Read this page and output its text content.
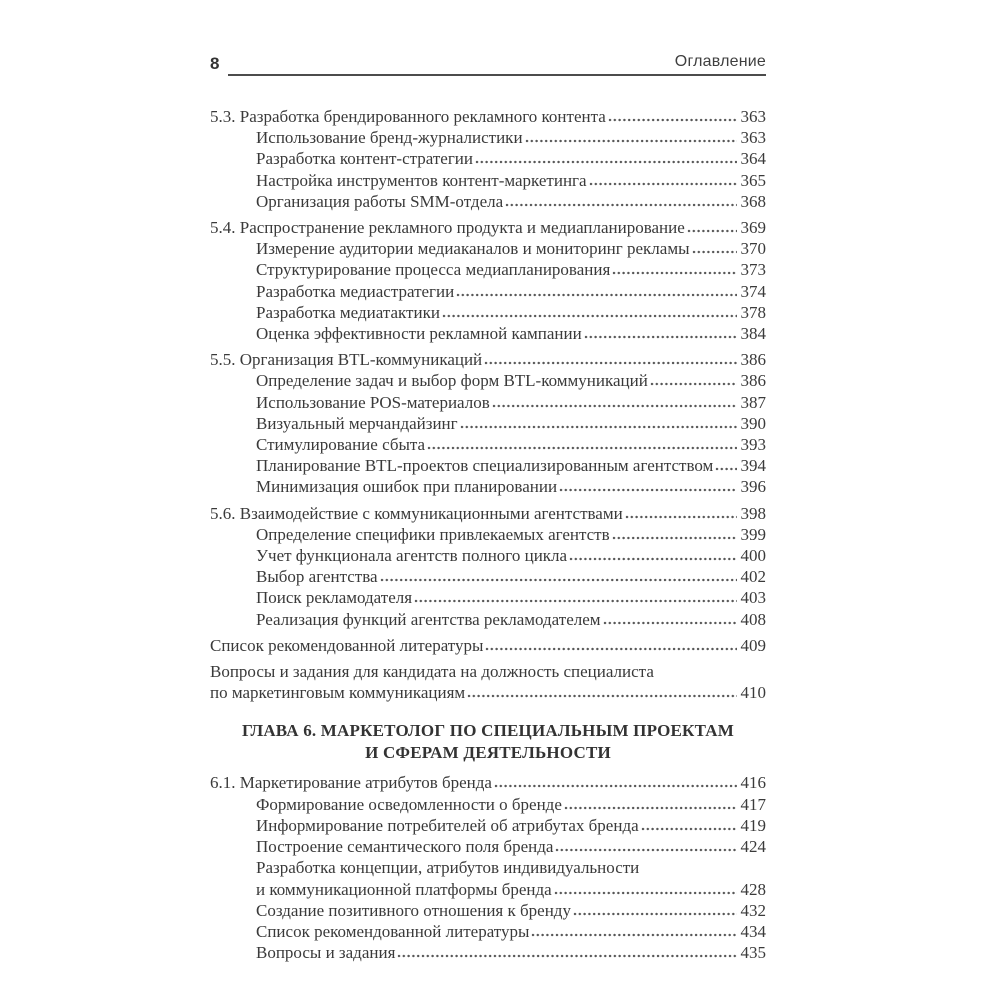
8	Оглавление
5.3. Разработка брендированного рекламного контента	363
Использование бренд-журналистики	363
Разработка контент-стратегии	364
Настройка инструментов контент-маркетинга	365
Организация работы SMM-отдела	368
5.4. Распространение рекламного продукта и медиапланирование	369
Измерение аудитории медиаканалов и мониторинг рекламы	370
Структурирование процесса медиапланирования	373
Разработка медиастратегии	374
Разработка медиатактики	378
Оценка эффективности рекламной кампании	384
5.5. Организация BTL-коммуникаций	386
Определение задач и выбор форм BTL-коммуникаций	386
Использование POS-материалов	387
Визуальный мерчандайзинг	390
Стимулирование сбыта	393
Планирование BTL-проектов специализированным агентством 394
Минимизация ошибок при планировании	396
5.6. Взаимодействие с коммуникационными агентствами	398
Определение специфики привлекаемых агентств	399
Учет функционала агентств полного цикла	400
Выбор агентства	402
Поиск рекламодателя	403
Реализация функций агентства рекламодателем	408
Список рекомендованной литературы	409
Вопросы и задания для кандидата на должность специалиста
по маркетинговым коммуникациям	410
ГЛАВА 6. МАРКЕТОЛОГ ПО СПЕЦИАЛЬНЫМ ПРОЕКТАМ
И СФЕРАМ ДЕЯТЕЛЬНОСТИ
6.1. Маркетирование атрибутов бренда	416
Формирование осведомленности о бренде	417
Информирование потребителей об атрибутах бренда	419
Построение семантического поля бренда	424
Разработка концепции, атрибутов индивидуальности
и коммуникационной платформы бренда	428
Создание позитивного отношения к бренду	432
Список рекомендованной литературы	434
Вопросы и задания	435
